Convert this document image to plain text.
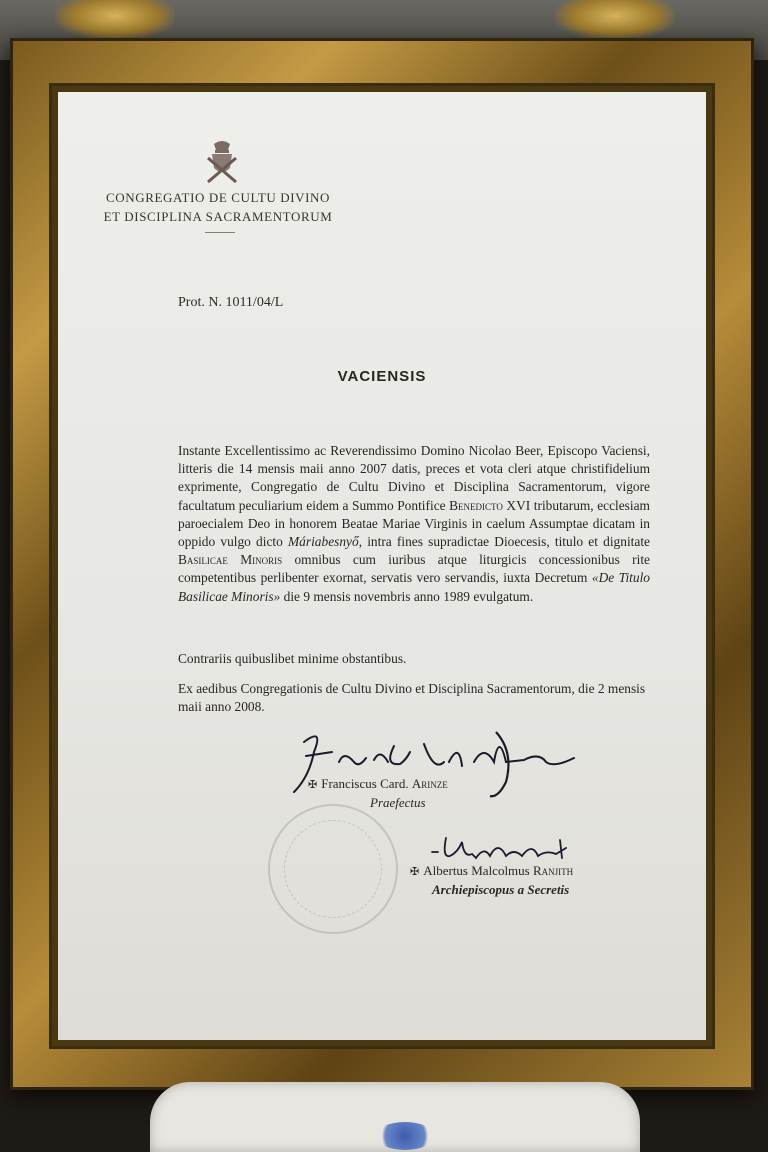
CONGREGATIO DE CULTU DIVINO
ET DISCIPLINA SACRAMENTORUM
Prot. N. 1011/04/L
VACIENSIS
Instante Excellentissimo ac Reverendissimo Domino Nicolao Beer, Episcopo Vaciensi, litteris die 14 mensis maii anno 2007 datis, preces et vota cleri atque christifidelium exprimente, Congregatio de Cultu Divino et Disciplina Sacramentorum, vigore facultatum peculiarium eidem a Summo Pontifice Benedicto XVI tributarum, ecclesiam paroecialem Deo in honorem Beatae Mariae Virginis in caelum Assumptae dicatam in oppido vulgo dicto Máriabesnyő, intra fines supradictae Dioecesis, titulo et dignitate Basilicae Minoris omnibus cum iuribus atque liturgicis concessionibus rite competentibus perlibenter exornat, servatis vero servandis, iuxta Decretum «De Titulo Basilicae Minoris» die 9 mensis novembris anno 1989 evulgatum.
Contrariis quibuslibet minime obstantibus.
Ex aedibus Congregationis de Cultu Divino et Disciplina Sacramentorum, die 2 mensis maii anno 2008.
✠ Franciscus Card. Arinze
Praefectus
✠ Albertus Malcolmus Ranjith
Archiepiscopus a Secretis
